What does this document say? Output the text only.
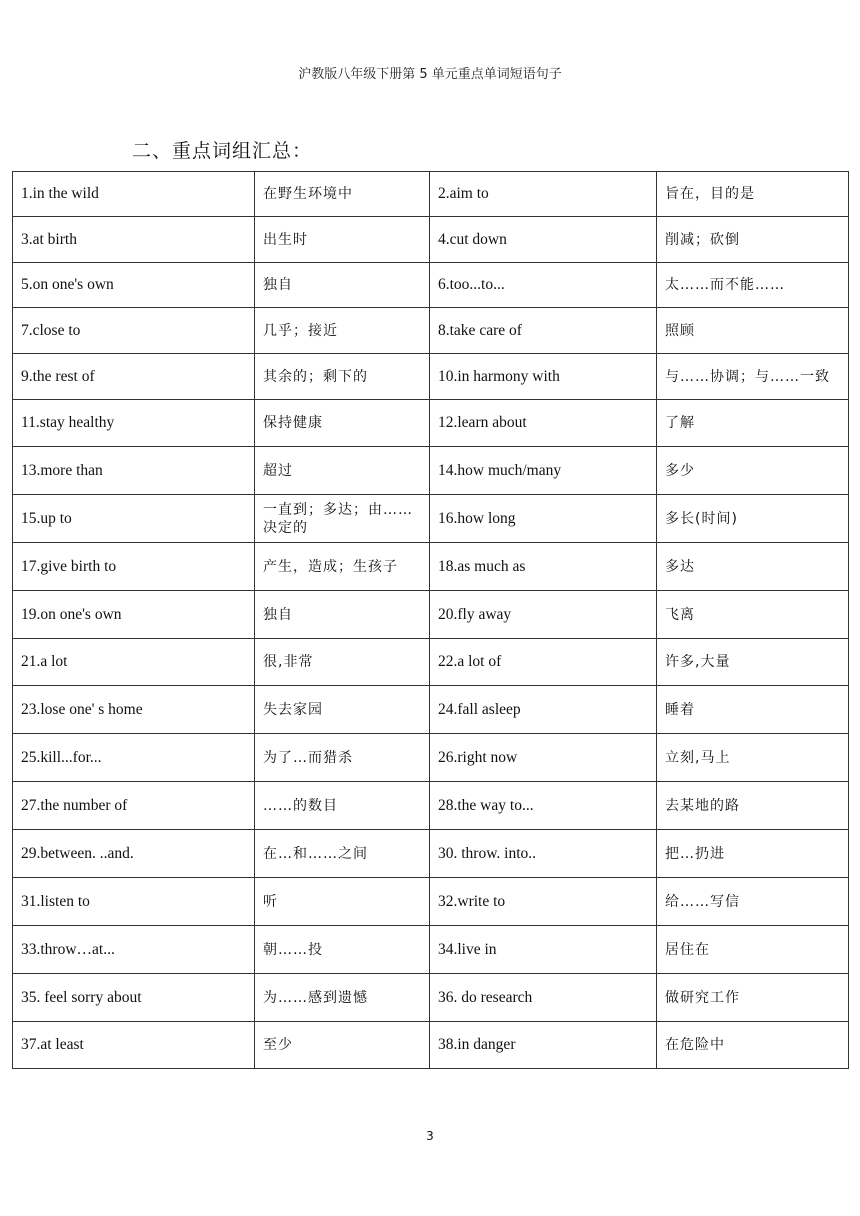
沪教版八年级下册第 5 单元重点单词短语句子
二、重点词组汇总：
1.in the wild	在野生环境中	2.aim to	旨在，目的是
3.at birth	出生时	4.cut down	削减；砍倒
5.on one's own	独自	6.too...to...	太……而不能……
7.close to	几乎；接近	8.take care of	照顾
9.the rest of	其余的；剩下的	10.in harmony with	与……协调；与……一致
11.stay healthy	保持健康	12.learn about	了解
13.more than	超过	14.how much/many	多少
15.up to	一直到；多达；由……决定的	16.how long	多长(时间)
17.give birth to	产生，造成；生孩子	18.as much as	多达
19.on one's own	独自	20.fly away	飞离
21.a lot	很,非常	22.a lot of	许多,大量
23.lose one' s home	失去家园	24.fall asleep	睡着
25.kill...for...	为了…而猎杀	26.right now	立刻,马上
27.the number of	……的数目	28.the way to...	去某地的路
29.between. ..and.	在…和……之间	30. throw. into..	把…扔进
31.listen to	听	32.write to	给……写信
33.throw…at...	朝……投	34.live in	居住在
35. feel sorry about	为……感到遗憾	36. do research	做研究工作
37.at least	至少	38.in danger	在危险中
3
